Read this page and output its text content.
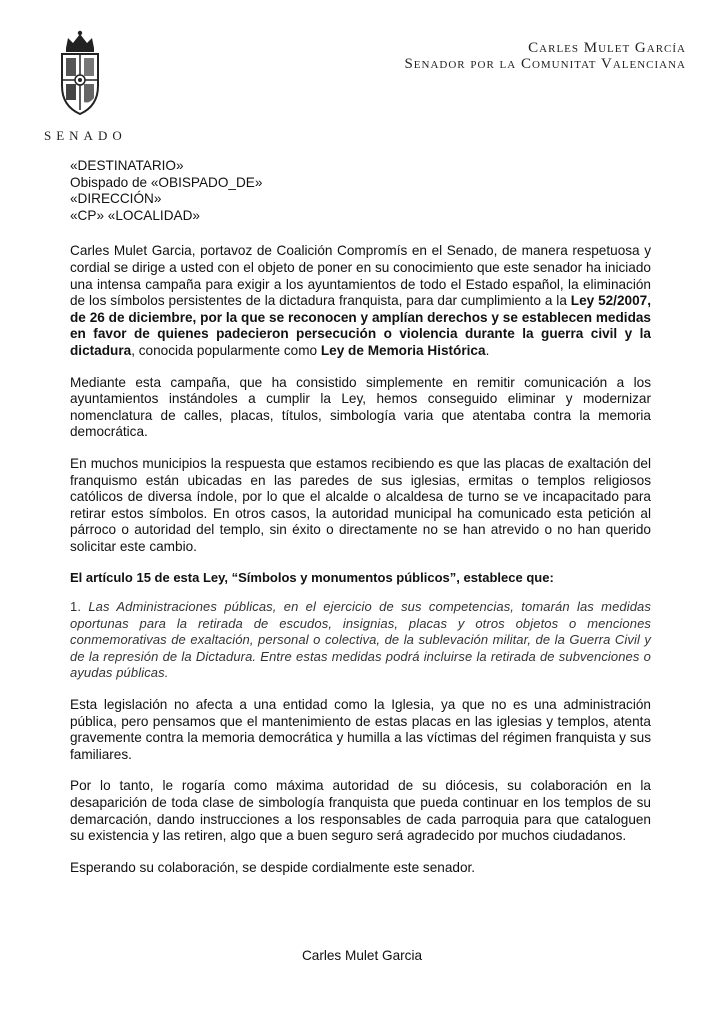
SENADO
Carles Mulet García
Senador por la Comunitat Valenciana
«DESTINATARIO»
Obispado de «OBISPADO_DE»
«DIRECCIÓN»
«CP» «LOCALIDAD»

Carles Mulet Garcia, portavoz de Coalición Compromís en el Senado, de manera respetuosa y cordial se dirige a usted con el objeto de poner en su conocimiento que este senador ha iniciado una intensa campaña para exigir a los ayuntamientos de todo el Estado español, la eliminación de los símbolos persistentes de la dictadura franquista, para dar cumplimiento a la Ley 52/2007, de 26 de diciembre, por la que se reconocen y amplían derechos y se establecen medidas en favor de quienes padecieron persecución o violencia durante la guerra civil y la dictadura, conocida popularmente como Ley de Memoria Histórica.

Mediante esta campaña, que ha consistido simplemente en remitir comunicación a los ayuntamientos instándoles a cumplir la Ley, hemos conseguido eliminar y modernizar nomenclatura de calles, placas, títulos, simbología varia que atentaba contra la memoria democrática.

En muchos municipios la respuesta que estamos recibiendo es que las placas de exaltación del franquismo están ubicadas en las paredes de sus iglesias, ermitas o templos religiosos católicos de diversa índole, por lo que el alcalde o alcaldesa de turno se ve incapacitado para retirar estos símbolos. En otros casos, la autoridad municipal ha comunicado esta petición al párroco o autoridad del templo, sin éxito o directamente no se han atrevido o no han querido solicitar este cambio.

El artículo 15 de esta Ley, “Símbolos y monumentos públicos”, establece que:
1. Las Administraciones públicas, en el ejercicio de sus competencias, tomarán las medidas oportunas para la retirada de escudos, insignias, placas y otros objetos o menciones conmemorativas de exaltación, personal o colectiva, de la sublevación militar, de la Guerra Civil y de la represión de la Dictadura. Entre estas medidas podrá incluirse la retirada de subvenciones o ayudas públicas.

Esta legislación no afecta a una entidad como la Iglesia, ya que no es una administración pública, pero pensamos que el mantenimiento de estas placas en las iglesias y templos, atenta gravemente contra la memoria democrática y humilla a las víctimas del régimen franquista y sus familiares.

Por lo tanto, le rogaría como máxima autoridad de su diócesis, su colaboración en la desaparición de toda clase de simbología franquista que pueda continuar en los templos de su demarcación, dando instrucciones a los responsables de cada parroquia para que cataloguen su existencia y las retiren, algo que a buen seguro será agradecido por muchos ciudadanos.

Esperando su colaboración, se despide cordialmente este senador.

Carles Mulet Garcia
